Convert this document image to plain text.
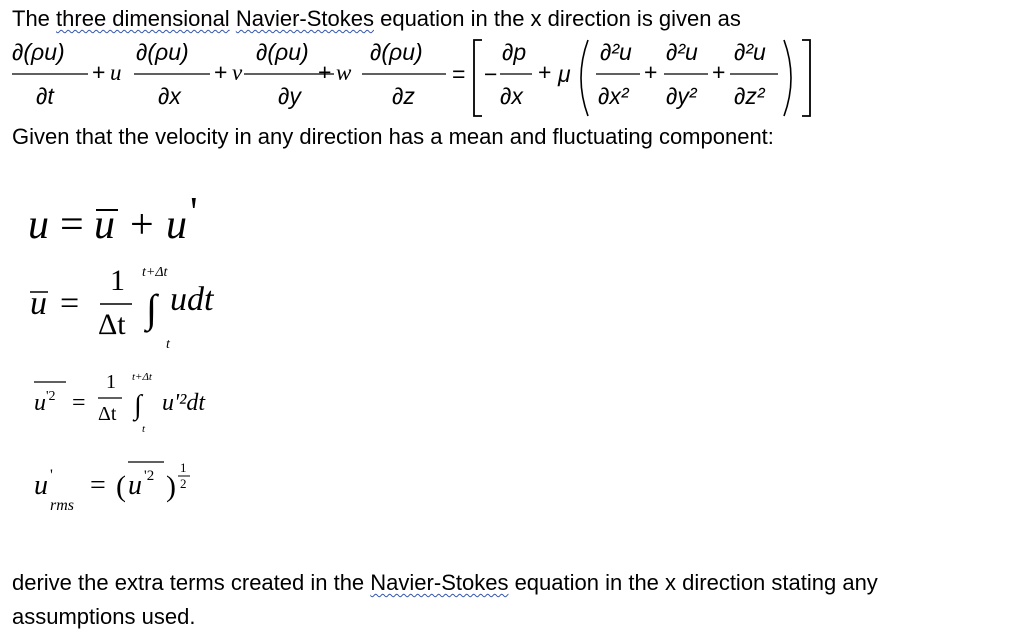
The three dimensional Navier-Stokes equation in the x direction is given as
∂(ρu)
∂t
+ u
∂(ρu)
∂x
+ v
∂(ρu)
∂y
+ w
∂(ρu)
∂z
= −
∂p
∂x
+ μ
∂²u
∂x²
+
∂²u
∂y²
+
∂²u
∂z²
Given that the velocity in any direction has a mean and fluctuating component:
u = u + u '
u =
1
Δt
t+Δt
∫
t
udt
u '2 =
1
Δt
t+Δt
∫
t
u'²dt
u '
rms
= ( u '2 )
1
2
derive the extra terms created in the Navier-Stokes equation in the x direction stating any
assumptions used.
